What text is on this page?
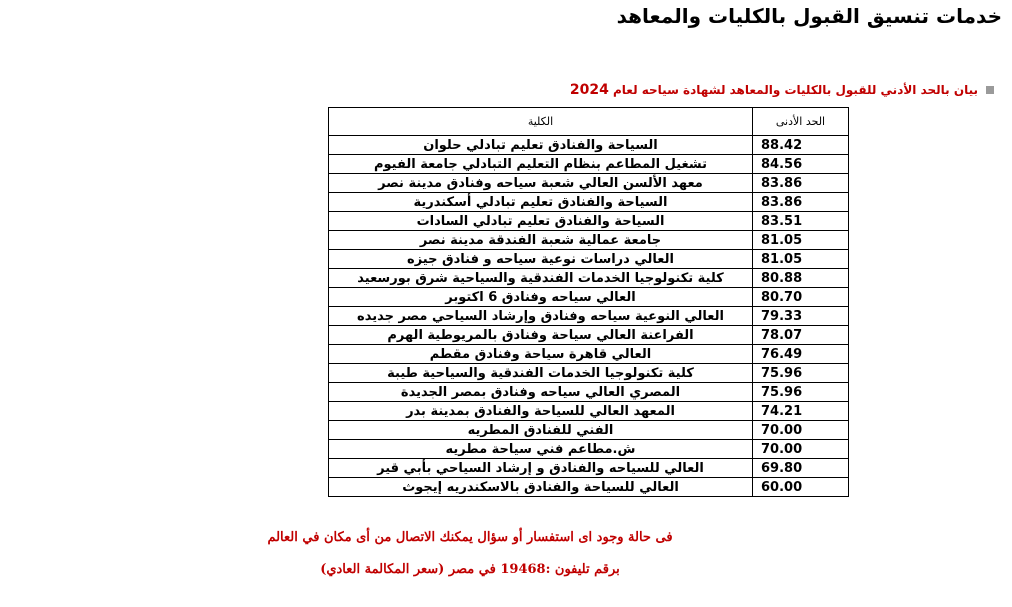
خدمات تنسيق القبول بالكليات والمعاهد
بيان بالحد الأدني للقبول بالكليات والمعاهد لشهادة سياحه لعام 2024
الحد الأدنى	الكلية
88.42	السياحة والفنادق تعليم تبادلي حلوان
84.56	تشغيل المطاعم بنظام التعليم التبادلي جامعة الفيوم
83.86	معهد الألسن العالي شعبة سياحه وفنادق مدينة نصر
83.86	السياحة والفنادق تعليم تبادلي أسكندرية
83.51	السياحة والفنادق تعليم تبادلي السادات
81.05	جامعة عمالية شعبة الفندقة مدينة نصر
81.05	العالي دراسات نوعية سياحه و فنادق جيزه
80.88	كلية تكنولوجيا الخدمات الفندقية والسياحية شرق بورسعيد
80.70	العالي سياحه وفنادق 6 اكتوبر
79.33	العالي النوعية سياحه وفنادق وإرشاد السياحي مصر جديده
78.07	الفراعنة العالي سياحة وفنادق بالمريوطية الهرم
76.49	العالي قاهرة سياحة وفنادق مقطم
75.96	كلية تكنولوجيا الخدمات الفندقية والسياحية طيبة
75.96	المصري العالي سياحه وفنادق بمصر الجديدة
74.21	المعهد العالي للسياحة والفنادق بمدينة بدر
70.00	الفني للفنادق المطريه
70.00	ش.مطاعم فني سياحة مطريه
69.80	العالي للسياحه والفنادق و إرشاد السياحي بأبي قير
60.00	العالي للسياحة والفنادق بالاسكندريه إيجوث
فى حالة وجود اى استفسار أو سؤال يمكنك الاتصال من أى مكان في العالم
برقم تليفون :19468 في مصر (سعر المكالمة العادي)
